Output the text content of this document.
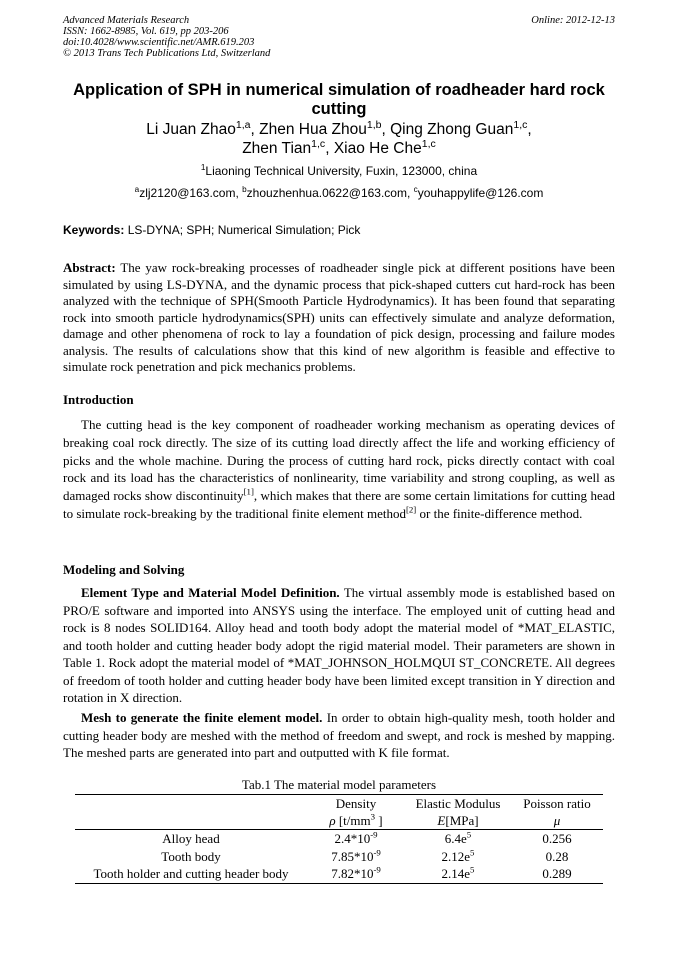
Advanced Materials Research
ISSN: 1662-8985, Vol. 619, pp 203-206
doi:10.4028/www.scientific.net/AMR.619.203
© 2013 Trans Tech Publications Ltd, Switzerland
Online: 2012-12-13
Application of SPH in numerical simulation of roadheader hard rock cutting
Li Juan Zhao$^{1,a}$, Zhen Hua Zhou$^{1,b}$, Qing Zhong Guan$^{1,c}$,
Zhen Tian$^{1,c}$, Xiao He Che$^{1,c}$
$^1$Liaoning Technical University, Fuxin, 123000, china
$^a$zlj2120@163.com, $^b$zhouzhenhua.0622@163.com, $^c$youhappylife@126.com
Keywords: LS-DYNA; SPH; Numerical Simulation; Pick
Abstract: The yaw rock-breaking processes of roadheader single pick at different positions have been simulated by using LS-DYNA, and the dynamic process that pick-shaped cutters cut hard-rock has been analyzed with the technique of SPH(Smooth Particle Hydrodynamics). It has been found that separating rock into smooth particle hydrodynamics(SPH) units can effectively simulate and analyze deformation, damage and other phenomena of rock to lay a foundation of pick design, processing and failure modes analysis. The results of calculations show that this kind of new algorithm is feasible and effective to simulate rock penetration and pick mechanics problems.
Introduction
The cutting head is the key component of roadheader working mechanism as operating devices of breaking coal rock directly. The size of its cutting load directly affect the life and working efficiency of picks and the whole machine. During the process of cutting hard rock, picks directly contact with coal rock and its load has the characteristics of nonlinearity, time variability and strong coupling, as well as damaged rocks show discontinuity[1], which makes that there are some certain limitations for cutting head to simulate rock-breaking by the traditional finite element method[2] or the finite-difference method.
Modeling and Solving
Element Type and Material Model Definition. The virtual assembly mode is established based on PRO/E software and imported into ANSYS using the interface. The employed unit of cutting head and rock is 8 nodes SOLID164. Alloy head and tooth body adopt the material model of *MAT_ELASTIC, and tooth holder and cutting header body adopt the rigid material model. Their parameters are shown in Table 1. Rock adopt the material model of *MAT_JOHNSON_HOLMQUI ST_CONCRETE. All degrees of freedom of tooth holder and cutting header body have been limited except transition in Y direction and rotation in X direction.
Mesh to generate the finite element model. In order to obtain high-quality mesh, tooth holder and cutting header body are meshed with the method of freedom and swept, and rock is meshed by mapping. The meshed parts are generated into part and outputted with K file format.
Tab.1 The material model parameters
	Density	Elastic Modulus	Poisson ratio
	ρ [$t/mm^3$ ]	E[MPa]	μ
Alloy head	$2.4*10^{-9}$	$6.4e^5$	0.256
Tooth body	$7.85*10^{-9}$	$2.12e^5$	0.28
Tooth holder and cutting header body	$7.82*10^{-9}$	$2.14e^5$	0.289
